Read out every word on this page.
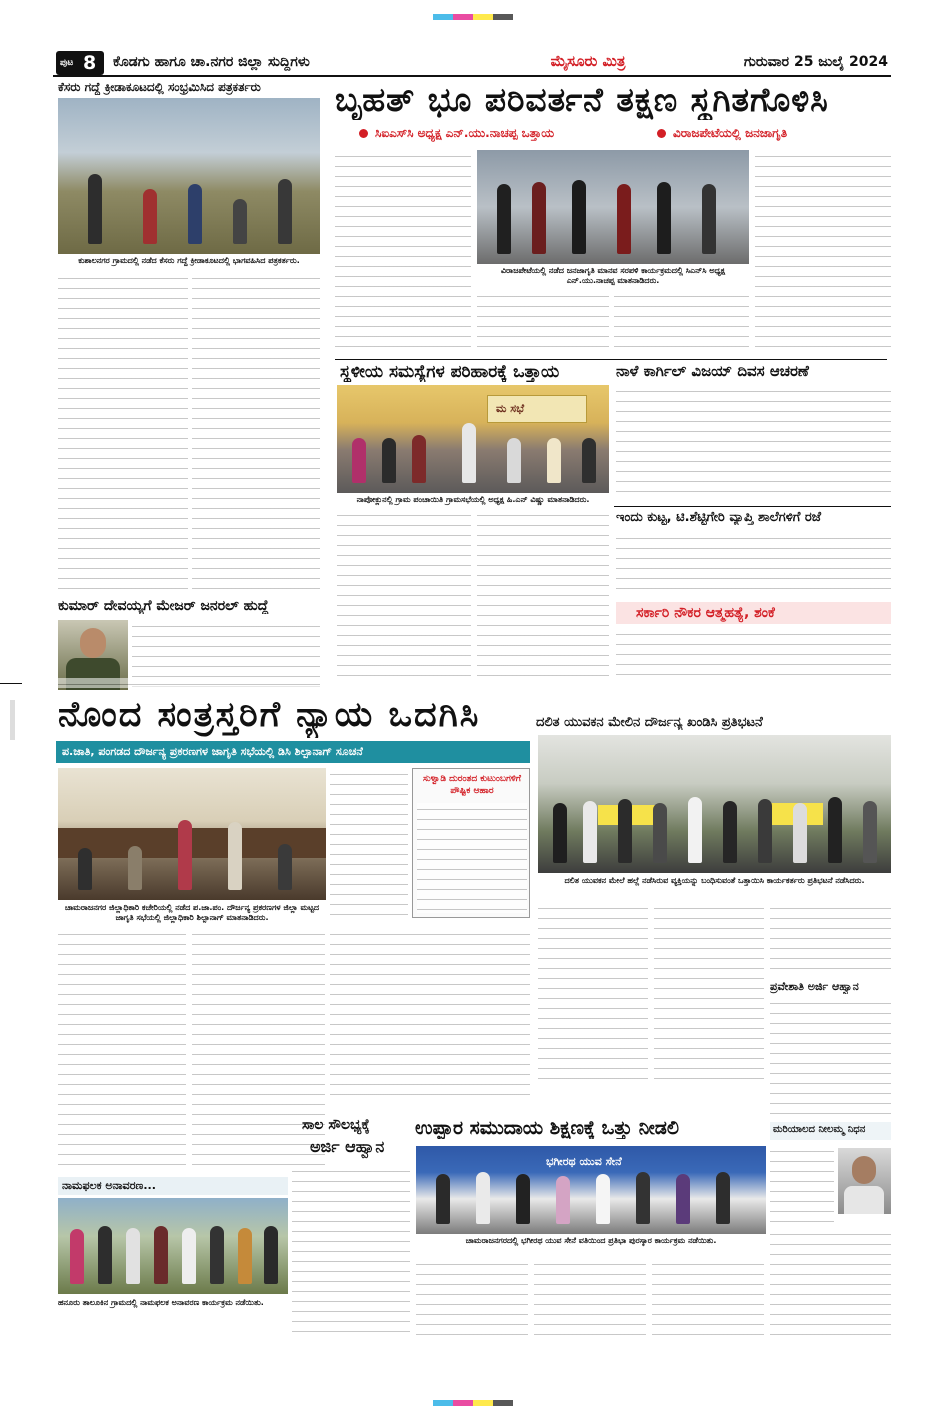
ಪುಟ 8 ಕೊಡಗು ಹಾಗೂ ಚಾ.ನಗರ ಜಿಲ್ಲಾ ಸುದ್ದಿಗಳು	ಮೈಸೂರು ಮಿತ್ರ	ಗುರುವಾರ 25 ಜುಲೈ 2024
ಕೆಸರು ಗದ್ದೆ ಕ್ರೀಡಾಕೂಟದಲ್ಲಿ ಸಂಭ್ರಮಿಸಿದ ಪತ್ರಕರ್ತರು
ಕುಶಾಲನಗರ ಗ್ರಾಮದಲ್ಲಿ ನಡೆದ ಕೆಸರು ಗದ್ದೆ ಕ್ರೀಡಾಕೂಟದಲ್ಲಿ ಭಾಗವಹಿಸಿದ ಪತ್ರಕರ್ತರು.
ಬೃಹತ್ ಭೂ ಪರಿವರ್ತನೆ ತಕ್ಷಣ ಸ್ಥಗಿತಗೊಳಿಸಿ
ಸಿಐಎಸ್‌ಸಿ ಅಧ್ಯಕ್ಷ ಎನ್.ಯು.ನಾಚಪ್ಪ ಒತ್ತಾಯ	ವಿರಾಜಪೇಟೆಯಲ್ಲಿ ಜನಜಾಗೃತಿ
ವಿರಾಜಪೇಟೆಯಲ್ಲಿ ನಡೆದ ಜನಜಾಗೃತಿ ಮಾನವ ಸರಪಳಿ ಕಾರ್ಯಕ್ರಮದಲ್ಲಿ ಸಿಎನ್‌ಸಿ ಅಧ್ಯಕ್ಷ ಎನ್.ಯು.ನಾಚಪ್ಪ ಮಾತನಾಡಿದರು.
ಸ್ಥಳೀಯ ಸಮಸ್ಯೆಗಳ ಪರಿಹಾರಕ್ಕೆ ಒತ್ತಾಯ
ಮ ಸಭೆ
ನಾಪೋಕ್ಲುನಲ್ಲಿ ಗ್ರಾಮ ಪಂಚಾಯಿತಿ ಗ್ರಾಮಸಭೆಯಲ್ಲಿ ಅಧ್ಯಕ್ಷ ಹಿ.ಎನ್ ವಿಷ್ಣು ಮಾತನಾಡಿದರು.
ನಾಳೆ ಕಾರ್ಗಿಲ್ ವಿಜಯ್ ದಿವಸ ಆಚರಣೆ
ಇಂದು ಕುಟ್ಟ, ಟಿ.ಶೆಟ್ಟಿಗೇರಿ ವ್ಯಾಪ್ತಿ ಶಾಲೆಗಳಿಗೆ ರಜೆ
ಸರ್ಕಾರಿ ನೌಕರ ಆತ್ಮಹತ್ಯೆ, ಶಂಕೆ
ಕುಮಾರ್ ದೇವಯ್ಯಗೆ ಮೇಜರ್ ಜನರಲ್ ಹುದ್ದೆ
ನೊಂದ ಸಂತ್ರಸ್ತರಿಗೆ ನ್ಯಾಯ ಒದಗಿಸಿ
ಪ.ಜಾತಿ, ಪಂಗಡದ ದೌರ್ಜನ್ಯ ಪ್ರಕರಣಗಳ ಜಾಗೃತಿ ಸಭೆಯಲ್ಲಿ ಡಿಸಿ ಶಿಲ್ಪಾನಾಗ್ ಸೂಚನೆ
ಚಾಮರಾಜನಗರ ಜಿಲ್ಲಾಧಿಕಾರಿ ಕಚೇರಿಯಲ್ಲಿ ನಡೆದ ಪ.ಜಾ.ಪಂ. ದೌರ್ಜನ್ಯ ಪ್ರಕರಣಗಳ ಜಿಲ್ಲಾ ಮಟ್ಟದ ಜಾಗೃತಿ ಸಭೆಯಲ್ಲಿ ಜಿಲ್ಲಾಧಿಕಾರಿ ಶಿಲ್ಪಾನಾಗ್ ಮಾತನಾಡಿದರು.
ಸುಳ್ವಾಡಿ ದುರಂತದ ಕುಟುಂಬಗಳಿಗೆ ಪೌಷ್ಟಿಕ ಆಹಾರ
ದಲಿತ ಯುವಕನ ಮೇಲಿನ ದೌರ್ಜನ್ಯ ಖಂಡಿಸಿ ಪ್ರತಿಭಟನೆ
ದಲಿತ ಯುವಕನ ಮೇಲೆ ಹಲ್ಲೆ ನಡೆಸಿರುವ ವ್ಯಕ್ತಿಯನ್ನು ಬಂಧಿಸುವಂತೆ ಒತ್ತಾಯಿಸಿ ಕಾರ್ಯಕರ್ತರು ಪ್ರತಿಭಟನೆ ನಡೆಸಿದರು.
ಪ್ರವೇಶಾತಿ ಅರ್ಜಿ ಆಹ್ವಾನ
ಮರಿಯಾಲದ ನೀಲಮ್ಮ ನಿಧನ
ಸಾಲ ಸೌಲಭ್ಯಕ್ಕೆ
ಅರ್ಜಿ ಆಹ್ವಾನ
ಉಪ್ಪಾರ ಸಮುದಾಯ ಶಿಕ್ಷಣಕ್ಕೆ ಒತ್ತು ನೀಡಲಿ
ಭಗೀರಥ ಯುವ ಸೇನೆ
ಚಾಮರಾಜನಗರದಲ್ಲಿ ಭಗೀರಥ ಯುವ ಸೇನೆ ವತಿಯಿಂದ ಪ್ರತಿಭಾ ಪುರಸ್ಕಾರ ಕಾರ್ಯಕ್ರಮ ನಡೆಯಿತು.
ನಾಮಫಲಕ ಅನಾವರಣ...
ಹನೂರು ತಾಲೂಕಿನ ಗ್ರಾಮದಲ್ಲಿ ನಾಮಫಲಕ ಅನಾವರಣ ಕಾರ್ಯಕ್ರಮ ನಡೆಯಿತು.
